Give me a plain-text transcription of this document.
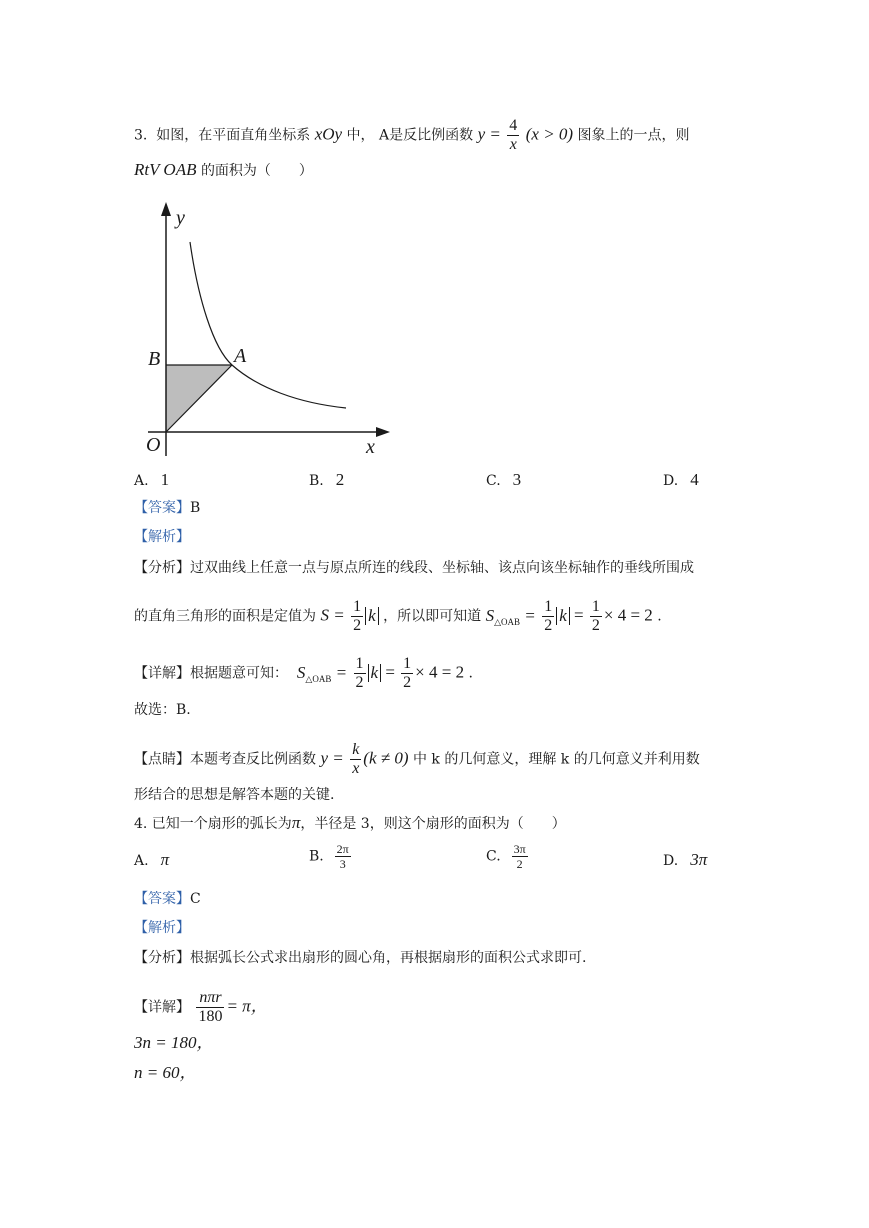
3. 如图，在平面直角坐标系 xOy 中， A是反比例函数 $y = \frac{4}{x} (x > 0)$ 图象上的一点，则
RtV OAB 的面积为（　　）
y
x
B	A
O
A. 1	B. 2	C. 3	D. 4
【答案】B
【解析】
【分析】过双曲线上任意一点与原点所连的线段、坐标轴、该点向该坐标轴作的垂线所围成
的直角三角形的面积是定值为 $S = \frac{1}{2}$ k ，所以即可知道 $S_{\triangle OAB} = \frac{1}{2}$ $k = \frac{1}{2} \times 4 = 2$ .
【详解】根据题意可知： $S_{\triangle OAB} = \frac{1}{2}$ $k = \frac{1}{2} \times 4 = 2$ .
故选：B.
【点睛】本题考查反比例函数 $y = \frac{k}{x} (k \ne 0)$ 中 k 的几何意义，理解 k 的几何意义并利用数
形结合的思想是解答本题的关键.
4. 已知一个扇形的弧长为π，半径是 3，则这个扇形的面积为（　　）
A. π	B. $\frac{2\pi}{3}$	C. $\frac{3\pi}{2}$	D. 3π
【答案】C
【解析】
【分析】根据弧长公式求出扇形的圆心角，再根据扇形的面积公式求即可.
【详解】 $\frac{\text{nπr}}{180} = \pi$，
3n = 180，
n = 60，
